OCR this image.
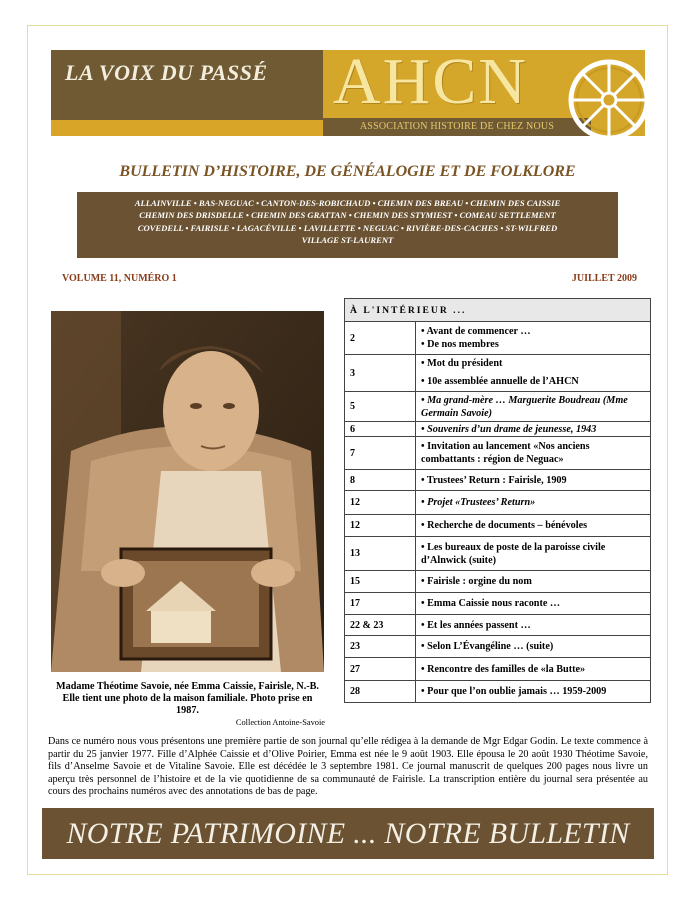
LA VOIX DU PASSÉ AHCN
ASSOCIATION HISTOIRE DE CHEZ NOUS
BULLETIN D’HISTOIRE, DE GÉNÉALOGIE ET DE FOLKLORE
ALLAINVILLE • BAS-NEGUAC • CANTON-DES-ROBICHAUD • CHEMIN DES BREAU • CHEMIN DES CAISSIE
CHEMIN DES DRISDELLE • CHEMIN DES GRATTAN • CHEMIN DES STYMIEST • COMEAU SETTLEMENT
COVEDELL • FAIRISLE • LAGACÉVILLE • LAVILLETTE • NEGUAC • RIVIÈRE-DES-CACHES • ST-WILFRED
VILLAGE ST-LAURENT
VOLUME 11, NUMÉRO 1	JUILLET 2009
Madame Théotime Savoie, née Emma Caissie, Fairisle, N.-B. Elle tient une photo de la maison familiale. Photo prise en 1987.
Collection Antoine-Savoie
À L'INTÉRIEUR ...	
2	• Avant de commencer …
• De nos membres

3	• Mot du président
• 10e assemblée annuelle de l’AHCN

5	• Ma grand-mère … Marguerite Boudreau (Mme Germain Savoie)

6	• Souvenirs d’un drame de jeunesse, 1943

7	• Invitation au lancement «Nos anciens combattants : région de Neguac»

8	• Trustees’ Return : Fairisle, 1909

12	• Projet «Trustees’ Return»

12	• Recherche de documents – bénévoles

13	• Les bureaux de poste de la paroisse civile d’Alnwick (suite)

15	• Fairisle : orgine du nom

17	• Emma Caissie nous raconte …

22 & 23	• Et les années passent …

23	• Selon L’Évangéline … (suite)

27	• Rencontre des familles de «la Butte»

28	• Pour que l’on oublie jamais … 1959-2009
Dans ce numéro nous vous présentons une première partie de son journal qu’elle rédigea à la demande de Mgr Edgar Godin. Le texte commence à partir du 25 janvier 1977. Fille d’Alphée Caissie et d’Olive Poirier, Emma est née le 9 août 1903. Elle épousa le 20 août 1930 Théotime Savoie, fils d’Anselme Savoie et de Vitaline Savoie. Elle est décédée le 3 septembre 1981. Ce journal manuscrit de quelques 200 pages nous livre un aperçu très personnel de l’histoire et de la vie quotidienne de sa communauté de Fairisle. La transcription entière du journal sera présentée au cours des prochains numéros avec des annotations de bas de page.
NOTRE PATRIMOINE ... NOTRE BULLETIN
